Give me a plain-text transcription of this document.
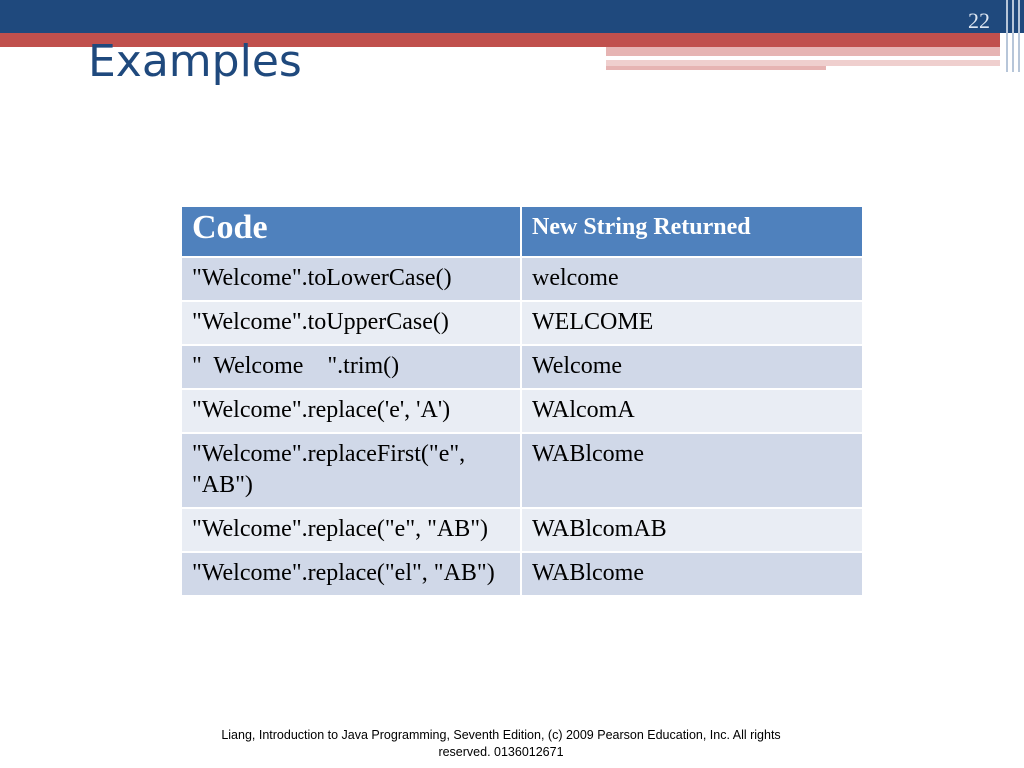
22
Examples
Code	New String Returned
"Welcome".toLowerCase()	welcome
"Welcome".toUpperCase()	WELCOME
"  Welcome    ".trim()	Welcome
"Welcome".replace('e', 'A')	WAlcomA
"Welcome".replaceFirst("e", "AB")	WABlcome
"Welcome".replace("e", "AB")	WABlcomAB
"Welcome".replace("el", "AB")	WABlcome
Liang, Introduction to Java Programming, Seventh Edition, (c) 2009 Pearson Education, Inc. All rights reserved. 0136012671
